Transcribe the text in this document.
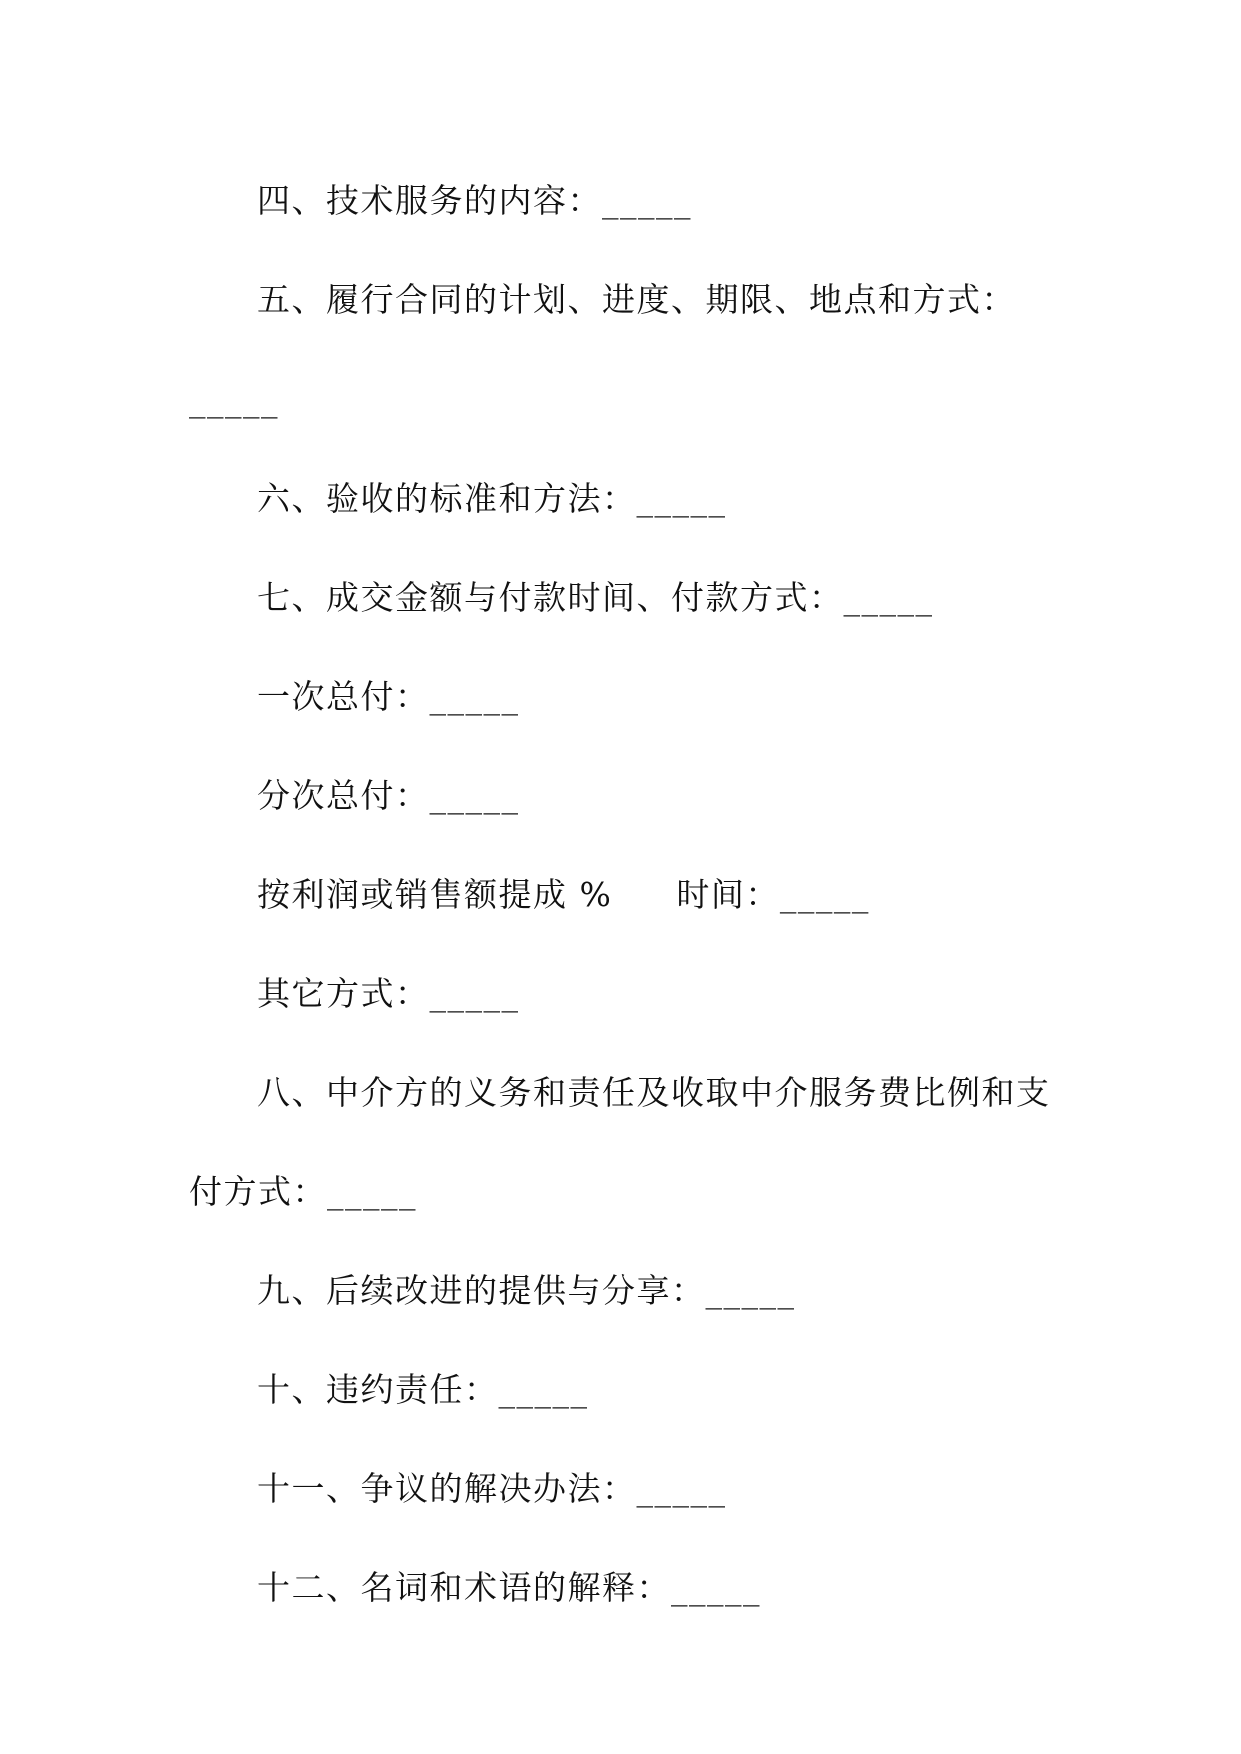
四、技术服务的内容：_____
五、履行合同的计划、进度、期限、地点和方式：
_____
六、验收的标准和方法：_____
七、成交金额与付款时间、付款方式：_____
一次总付：_____
分次总付：_____
按利润或销售额提成 % 时间：_____
其它方式：_____
八、中介方的义务和责任及收取中介服务费比例和支
付方式：_____
九、后续改进的提供与分享：_____
十、违约责任：_____
十一、争议的解决办法：_____
十二、名词和术语的解释：_____
